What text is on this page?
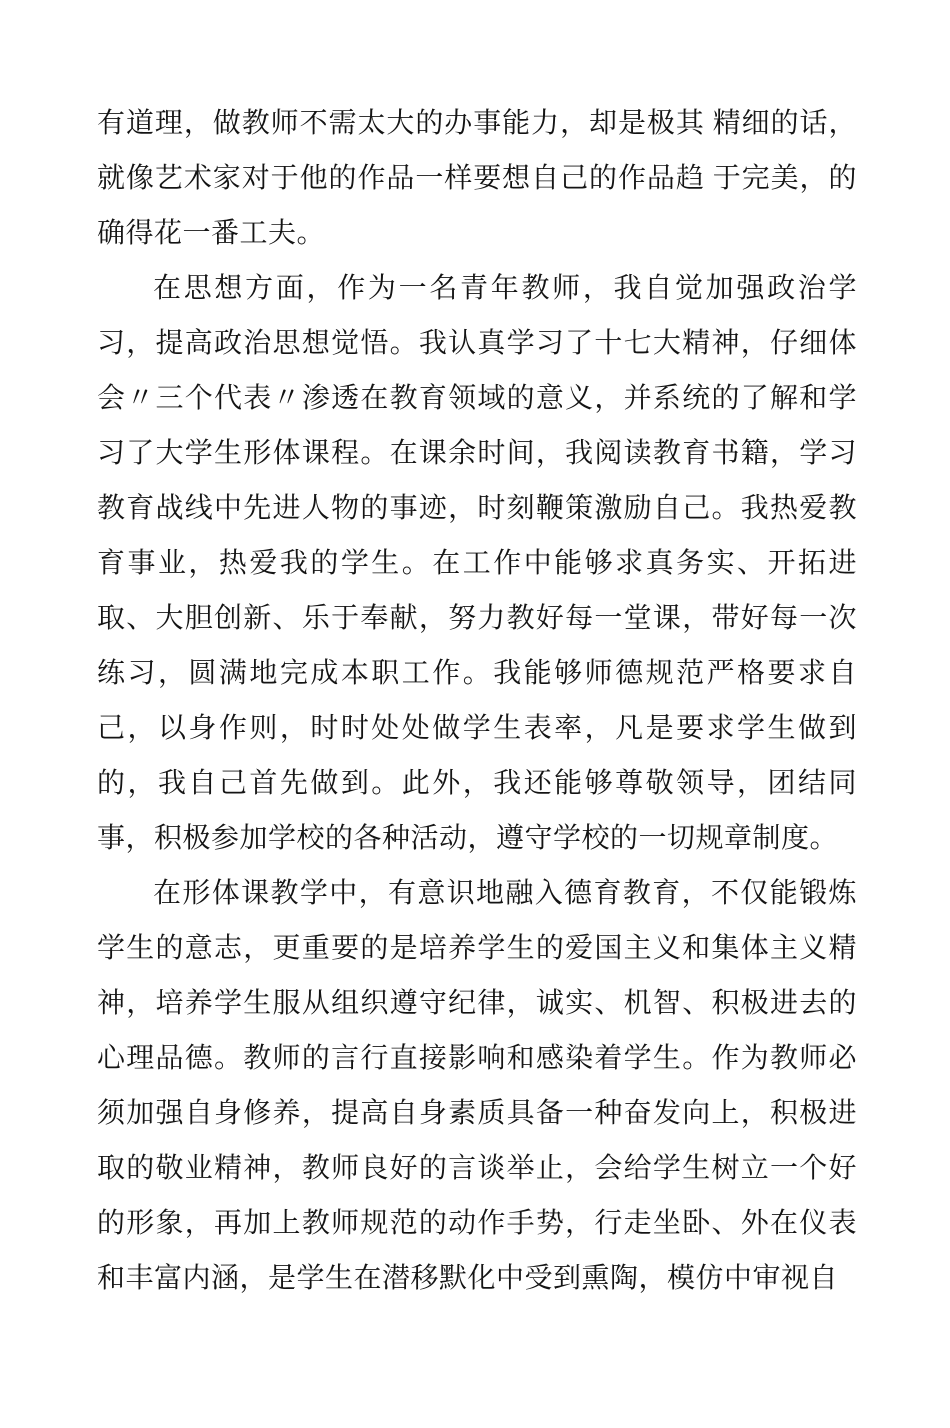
有道理，做教师不需太大的办事能力，却是极其 精细的话，就像艺术家对于他的作品一样要想自己的作品趋 于完美，的确得花一番工夫。

在思想方面，作为一名青年教师，我自觉加强政治学习，提高政治思想觉悟。我认真学习了十七大精神，仔细体会〃三个代表〃渗透在教育领域的意义，并系统的了解和学习了大学生形体课程。在课余时间，我阅读教育书籍，学习教育战线中先进人物的事迹，时刻鞭策激励自己。我热爱教育事业，热爱我的学生。在工作中能够求真务实、开拓进取、大胆创新、乐于奉献，努力教好每一堂课，带好每一次练习，圆满地完成本职工作。我能够师德规范严格要求自己，以身作则，时时处处做学生表率，凡是要求学生做到的，我自己首先做到。此外，我还能够尊敬领导，团结同事，积极参加学校的各种活动，遵守学校的一切规章制度。

在形体课教学中，有意识地融入德育教育，不仅能锻炼学生的意志，更重要的是培养学生的爱国主义和集体主义精神，培养学生服从组织遵守纪律，诚实、机智、积极进去的心理品德。教师的言行直接影响和感染着学生。作为教师必须加强自身修养，提高自身素质具备一种奋发向上，积极进取的敬业精神，教师良好的言谈举止，会给学生树立一个好的形象，再加上教师规范的动作手势，行走坐卧、外在仪表和丰富内涵，是学生在潜移默化中受到熏陶，模仿中审视自
